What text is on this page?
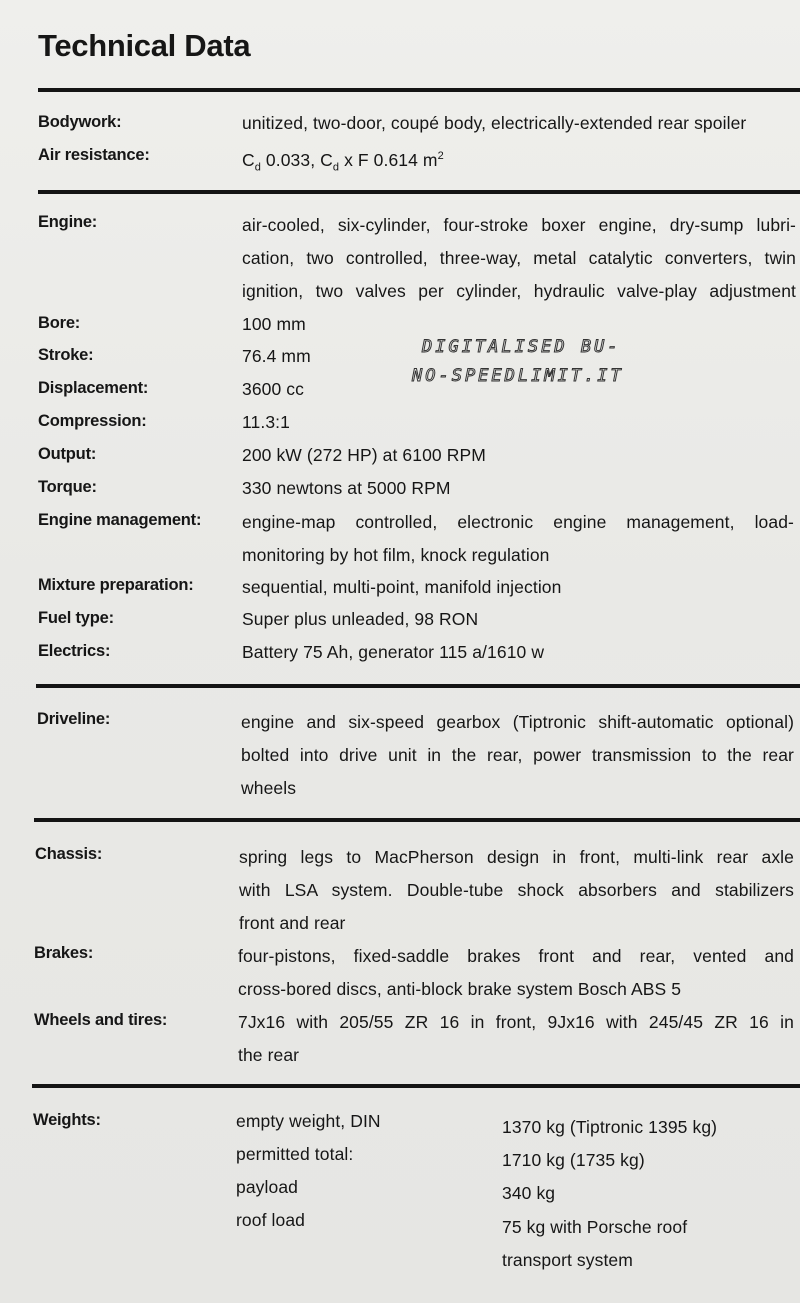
Technical Data
DIGITALISED BU-
NO-SPEEDLIMIT.IT
Bodywork:	unitized, two-door, coupé body, electrically-extended rear spoiler
Air resistance:	$C_d$ 0.033, $C_d$ x F 0.614 $m^2$
Engine:	air-cooled, six-cylinder, four-stroke boxer engine, dry-sump lubri-
cation, two controlled, three-way, metal catalytic converters, twin
ignition, two valves per cylinder, hydraulic valve-play adjustment
Bore:	100 mm
Stroke:	76.4 mm
Displacement:	3600 cc
Compression:	11.3:1
Output:	200 kW (272 HP) at 6100 RPM
Torque:	330 newtons at 5000 RPM
Engine management: engine-map controlled, electronic engine management, load-
monitoring by hot film, knock regulation
Mixture preparation:	sequential, multi-point, manifold injection
Fuel type:	Super plus unleaded, 98 RON
Electrics:	Battery 75 Ah, generator 115 a/1610 w
Driveline:	engine and six-speed gearbox (Tiptronic shift-automatic optional)
bolted into drive unit in the rear, power transmission to the rear
wheels
Chassis:	spring legs to MacPherson design in front, multi-link rear axle
with LSA system. Double-tube shock absorbers and stabilizers
front and rear
Brakes:	four-pistons, fixed-saddle brakes front and rear, vented and
cross-bored discs, anti-block brake system Bosch ABS 5
Wheels and tires:	7Jx16 with 205/55 ZR 16 in front, 9Jx16 with 245/45 ZR 16 in
the rear
Weights:	empty weight, DIN	1370 kg (Tiptronic 1395 kg)
permitted total:	1710 kg (1735 kg)
payload	340 kg
roof load	75 kg with Porsche roof
transport system
